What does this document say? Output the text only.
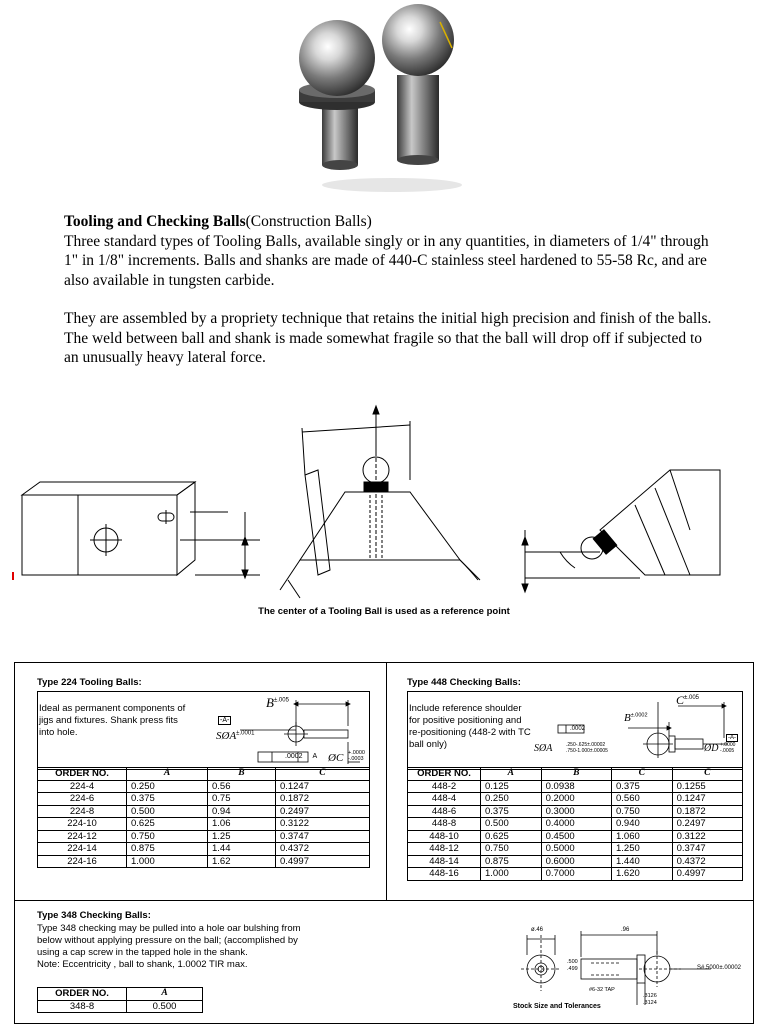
Tooling and Checking Balls(Construction Balls)

Three standard types of Tooling Balls, available singly or in any quantities, in diameters of 1/4" through 1" in 1/8" increments. Balls and shanks are made of 440-C stainless steel hardened to 55-58 Rc, and are also available in tungsten carbide.

They are assembled by a propriety technique that retains the initial high precision and finish of the balls. The weld between ball and shank is made somewhat fragile so that the ball will drop off if subjected to an unusually heavy lateral force.

The center of a Tooling Ball is used as a reference point
Type 224 Tooling Balls:
Ideal as permanent components of jigs and fixtures. Shank press fits into hole.
$B^{\pm.005}$
-A-
$SØA^{\pm.0001}$
.0002 A ØC +.0000
-.0003
ORDER NO.	A	B	C
224-4	0.250	0.56	0.1247
224-6	0.375	0.75	0.1872
224-8	0.500	0.94	0.2497
224-10	0.625	1.06	0.3122
224-12	0.750	1.25	0.3747
224-14	0.875	1.44	0.4372
224-16	1.000	1.62	0.4997
Type 448 Checking Balls:
Include reference shoulder for positive positioning and re-positioning (448-2 with TC ball only)
$C^{\pm.005}$
$B^{\pm.0002}$
.0002
SØA	.250-.625±.00002
.750-1.000±.00005
-A-
ØD +.0000
-.0005
ORDER NO.	A	B	C	C
448-2	0.125	0.0938	0.375	0.1255
448-4	0.250	0.2000	0.560	0.1247
448-6	0.375	0.3000	0.750	0.1872
448-8	0.500	0.4000	0.940	0.2497
448-10	0.625	0.4500	1.060	0.3122
448-12	0.750	0.5000	1.250	0.3747
448-14	0.875	0.6000	1.440	0.4372
448-16	1.000	0.7000	1.620	0.4997
Type 348 Checking Balls:
Type 348 checking may be pulled into a hole oar bulshing from
below without applying pressure on the ball; (accomplished by
using a cap screw in the tapped hole in the shank.
Note: Eccentricity , ball to shank, 1.0002 TIR max.
ORDER NO.	A
348-8	0.500
ø.46	.96
.500
.499
#6-32 TAP
.3126
.3124
S#.5000±.00002
Stock Size and Tolerances
